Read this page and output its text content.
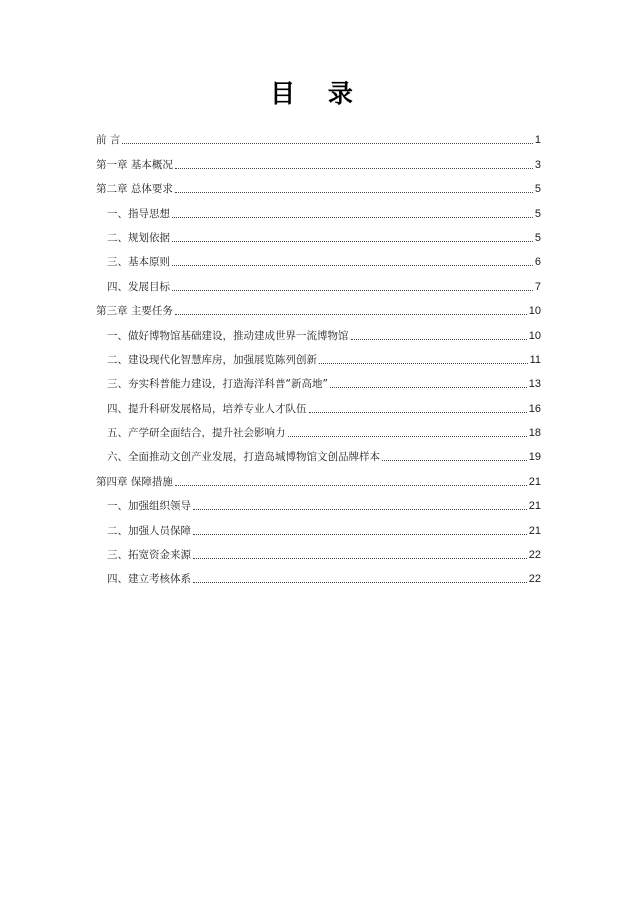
目 录
前 言	1
第一章 基本概况	3
第二章 总体要求	5
一、指导思想	5
二、规划依据	5
三、基本原则	6
四、发展目标	7
第三章 主要任务	10
一、做好博物馆基础建设，推动建成世界一流博物馆	10
二、建设现代化智慧库房，加强展览陈列创新	11
三、夯实科普能力建设，打造海洋科普“新高地”	13
四、提升科研发展格局，培养专业人才队伍	16
五、产学研全面结合，提升社会影响力	18
六、全面推动文创产业发展，打造岛城博物馆文创品牌样本	19
第四章 保障措施	21
一、加强组织领导	21
二、加强人员保障	21
三、拓宽资金来源	22
四、建立考核体系	22
